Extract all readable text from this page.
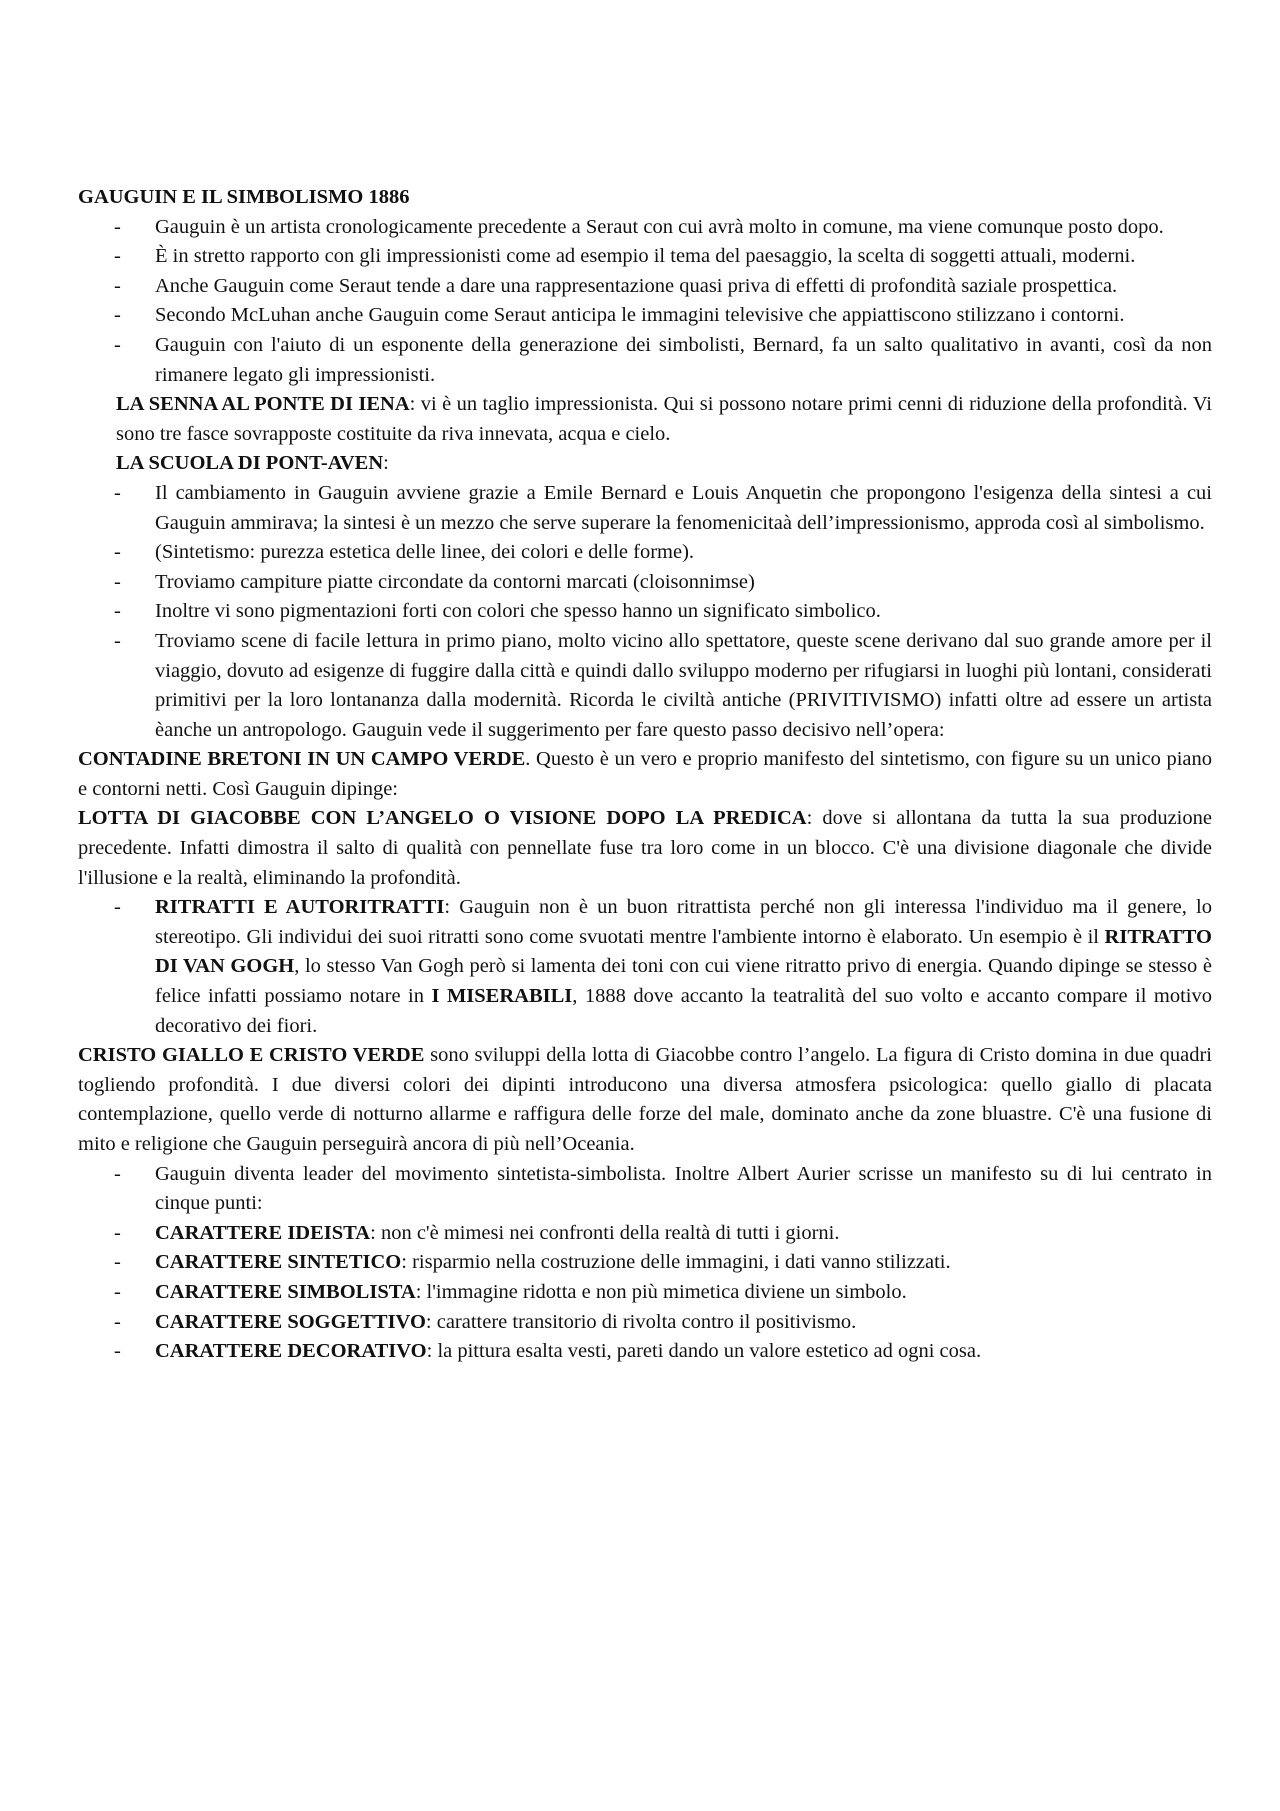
GAUGUIN E IL SIMBOLISMO 1886
- Gauguin è un artista cronologicamente precedente a Seraut con cui avrà molto in comune, ma viene comunque posto dopo.
- È in stretto rapporto con gli impressionisti come ad esempio il tema del paesaggio, la scelta di soggetti attuali, moderni.
- Anche Gauguin come Seraut tende a dare una rappresentazione quasi priva di effetti di profondità saziale prospettica.
- Secondo McLuhan anche Gauguin come Seraut anticipa le immagini televisive che appiattiscono stilizzano i contorni.
- Gauguin con l'aiuto di un esponente della generazione dei simbolisti, Bernard, fa un salto qualitativo in avanti, così da non rimanere legato gli impressionisti.

LA SENNA AL PONTE DI IENA: vi è un taglio impressionista. Qui si possono notare primi cenni di riduzione della profondità. Vi sono tre fasce sovrapposte costituite da riva innevata, acqua e cielo.

LA SCUOLA DI PONT-AVEN:

- Il cambiamento in Gauguin avviene grazie a Emile Bernard e Louis Anquetin che propongono l'esigenza della sintesi a cui Gauguin ammirava; la sintesi è un mezzo che serve superare la fenomenicitaà dell’impressionismo, approda così al simbolismo.
- (Sintetismo: purezza estetica delle linee, dei colori e delle forme).
- Troviamo campiture piatte circondate da contorni marcati (cloisonnimse)
- Inoltre vi sono pigmentazioni forti con colori che spesso hanno un significato simbolico.
- Troviamo scene di facile lettura in primo piano, molto vicino allo spettatore, queste scene derivano dal suo grande amore per il viaggio, dovuto ad esigenze di fuggire dalla città e quindi dallo sviluppo moderno per rifugiarsi in luoghi più lontani, considerati primitivi per la loro lontananza dalla modernità. Ricorda le civiltà antiche (PRIVITIVISMO) infatti oltre ad essere un artista èanche un antropologo. Gauguin vede il suggerimento per fare questo passo decisivo nell’opera:

CONTADINE BRETONI IN UN CAMPO VERDE. Questo è un vero e proprio manifesto del sintetismo, con figure su un unico piano e contorni netti. Così Gauguin dipinge:

LOTTA DI GIACOBBE CON L’ANGELO O VISIONE DOPO LA PREDICA: dove si allontana da tutta la sua produzione precedente. Infatti dimostra il salto di qualità con pennellate fuse tra loro come in un blocco. C'è una divisione diagonale che divide l'illusione e la realtà, eliminando la profondità.

- RITRATTI E AUTORITRATTI: Gauguin non è un buon ritrattista perché non gli interessa l'individuo ma il genere, lo stereotipo. Gli individui dei suoi ritratti sono come svuotati mentre l'ambiente intorno è elaborato. Un esempio è il RITRATTO DI VAN GOGH, lo stesso Van Gogh però si lamenta dei toni con cui viene ritratto privo di energia. Quando dipinge se stesso è felice infatti possiamo notare in I MISERABILI, 1888 dove accanto la teatralità del suo volto e accanto compare il motivo decorativo dei fiori.

CRISTO GIALLO E CRISTO VERDE sono sviluppi della lotta di Giacobbe contro l’angelo. La figura di Cristo domina in due quadri togliendo profondità. I due diversi colori dei dipinti introducono una diversa atmosfera psicologica: quello giallo di placata contemplazione, quello verde di notturno allarme e raffigura delle forze del male, dominato anche da zone bluastre. C'è una fusione di mito e religione che Gauguin perseguirà ancora di più nell’Oceania.

- Gauguin diventa leader del movimento sintetista-simbolista. Inoltre Albert Aurier scrisse un manifesto su di lui centrato in cinque punti:
- CARATTERE IDEISTA: non c'è mimesi nei confronti della realtà di tutti i giorni.
- CARATTERE SINTETICO: risparmio nella costruzione delle immagini, i dati vanno stilizzati.
- CARATTERE SIMBOLISTA: l'immagine ridotta e non più mimetica diviene un simbolo.
- CARATTERE SOGGETTIVO: carattere transitorio di rivolta contro il positivismo.
- CARATTERE DECORATIVO: la pittura esalta vesti, pareti dando un valore estetico ad ogni cosa.
